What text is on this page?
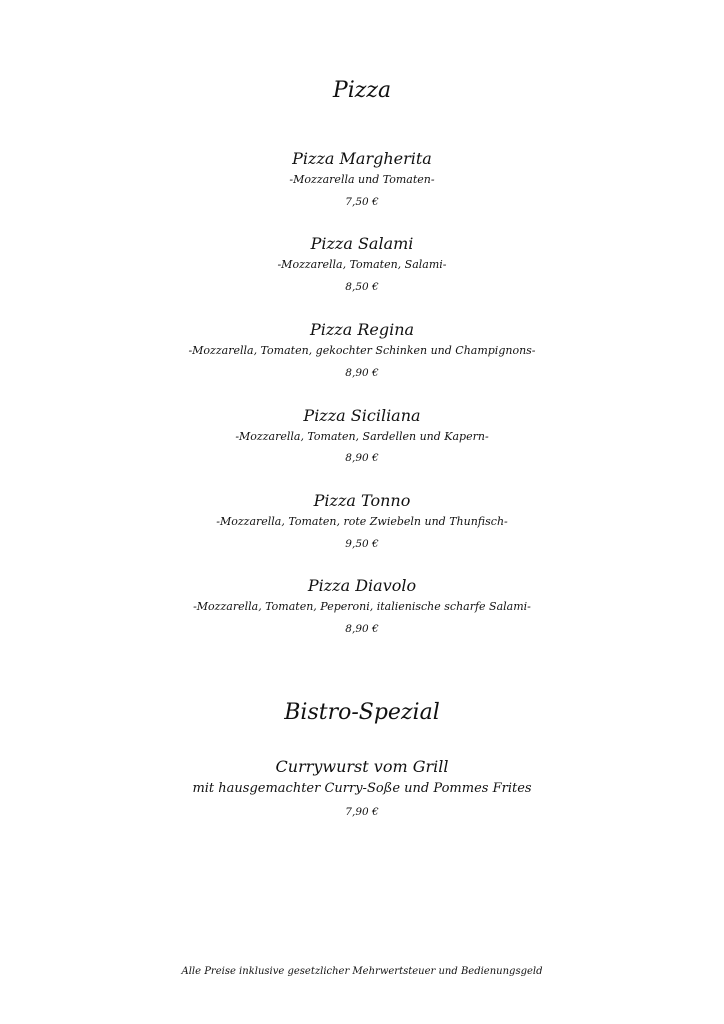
Pizza
Pizza Margherita
-Mozzarella und Tomaten-
7,50 €
Pizza Salami
-Mozzarella, Tomaten, Salami-
8,50 €
Pizza Regina
-Mozzarella, Tomaten, gekochter Schinken und Champignons-
8,90 €
Pizza Siciliana
-Mozzarella, Tomaten, Sardellen und Kapern-
8,90 €
Pizza Tonno
-Mozzarella, Tomaten, rote Zwiebeln und Thunfisch-
9,50 €
Pizza Diavolo
-Mozzarella, Tomaten, Peperoni, italienische scharfe Salami-
8,90 €
Bistro-Spezial
Currywurst vom Grill
mit hausgemachter Curry-Soße und Pommes Frites
7,90 €
Alle Preise inklusive gesetzlicher Mehrwertsteuer und Bedienungsgeld
